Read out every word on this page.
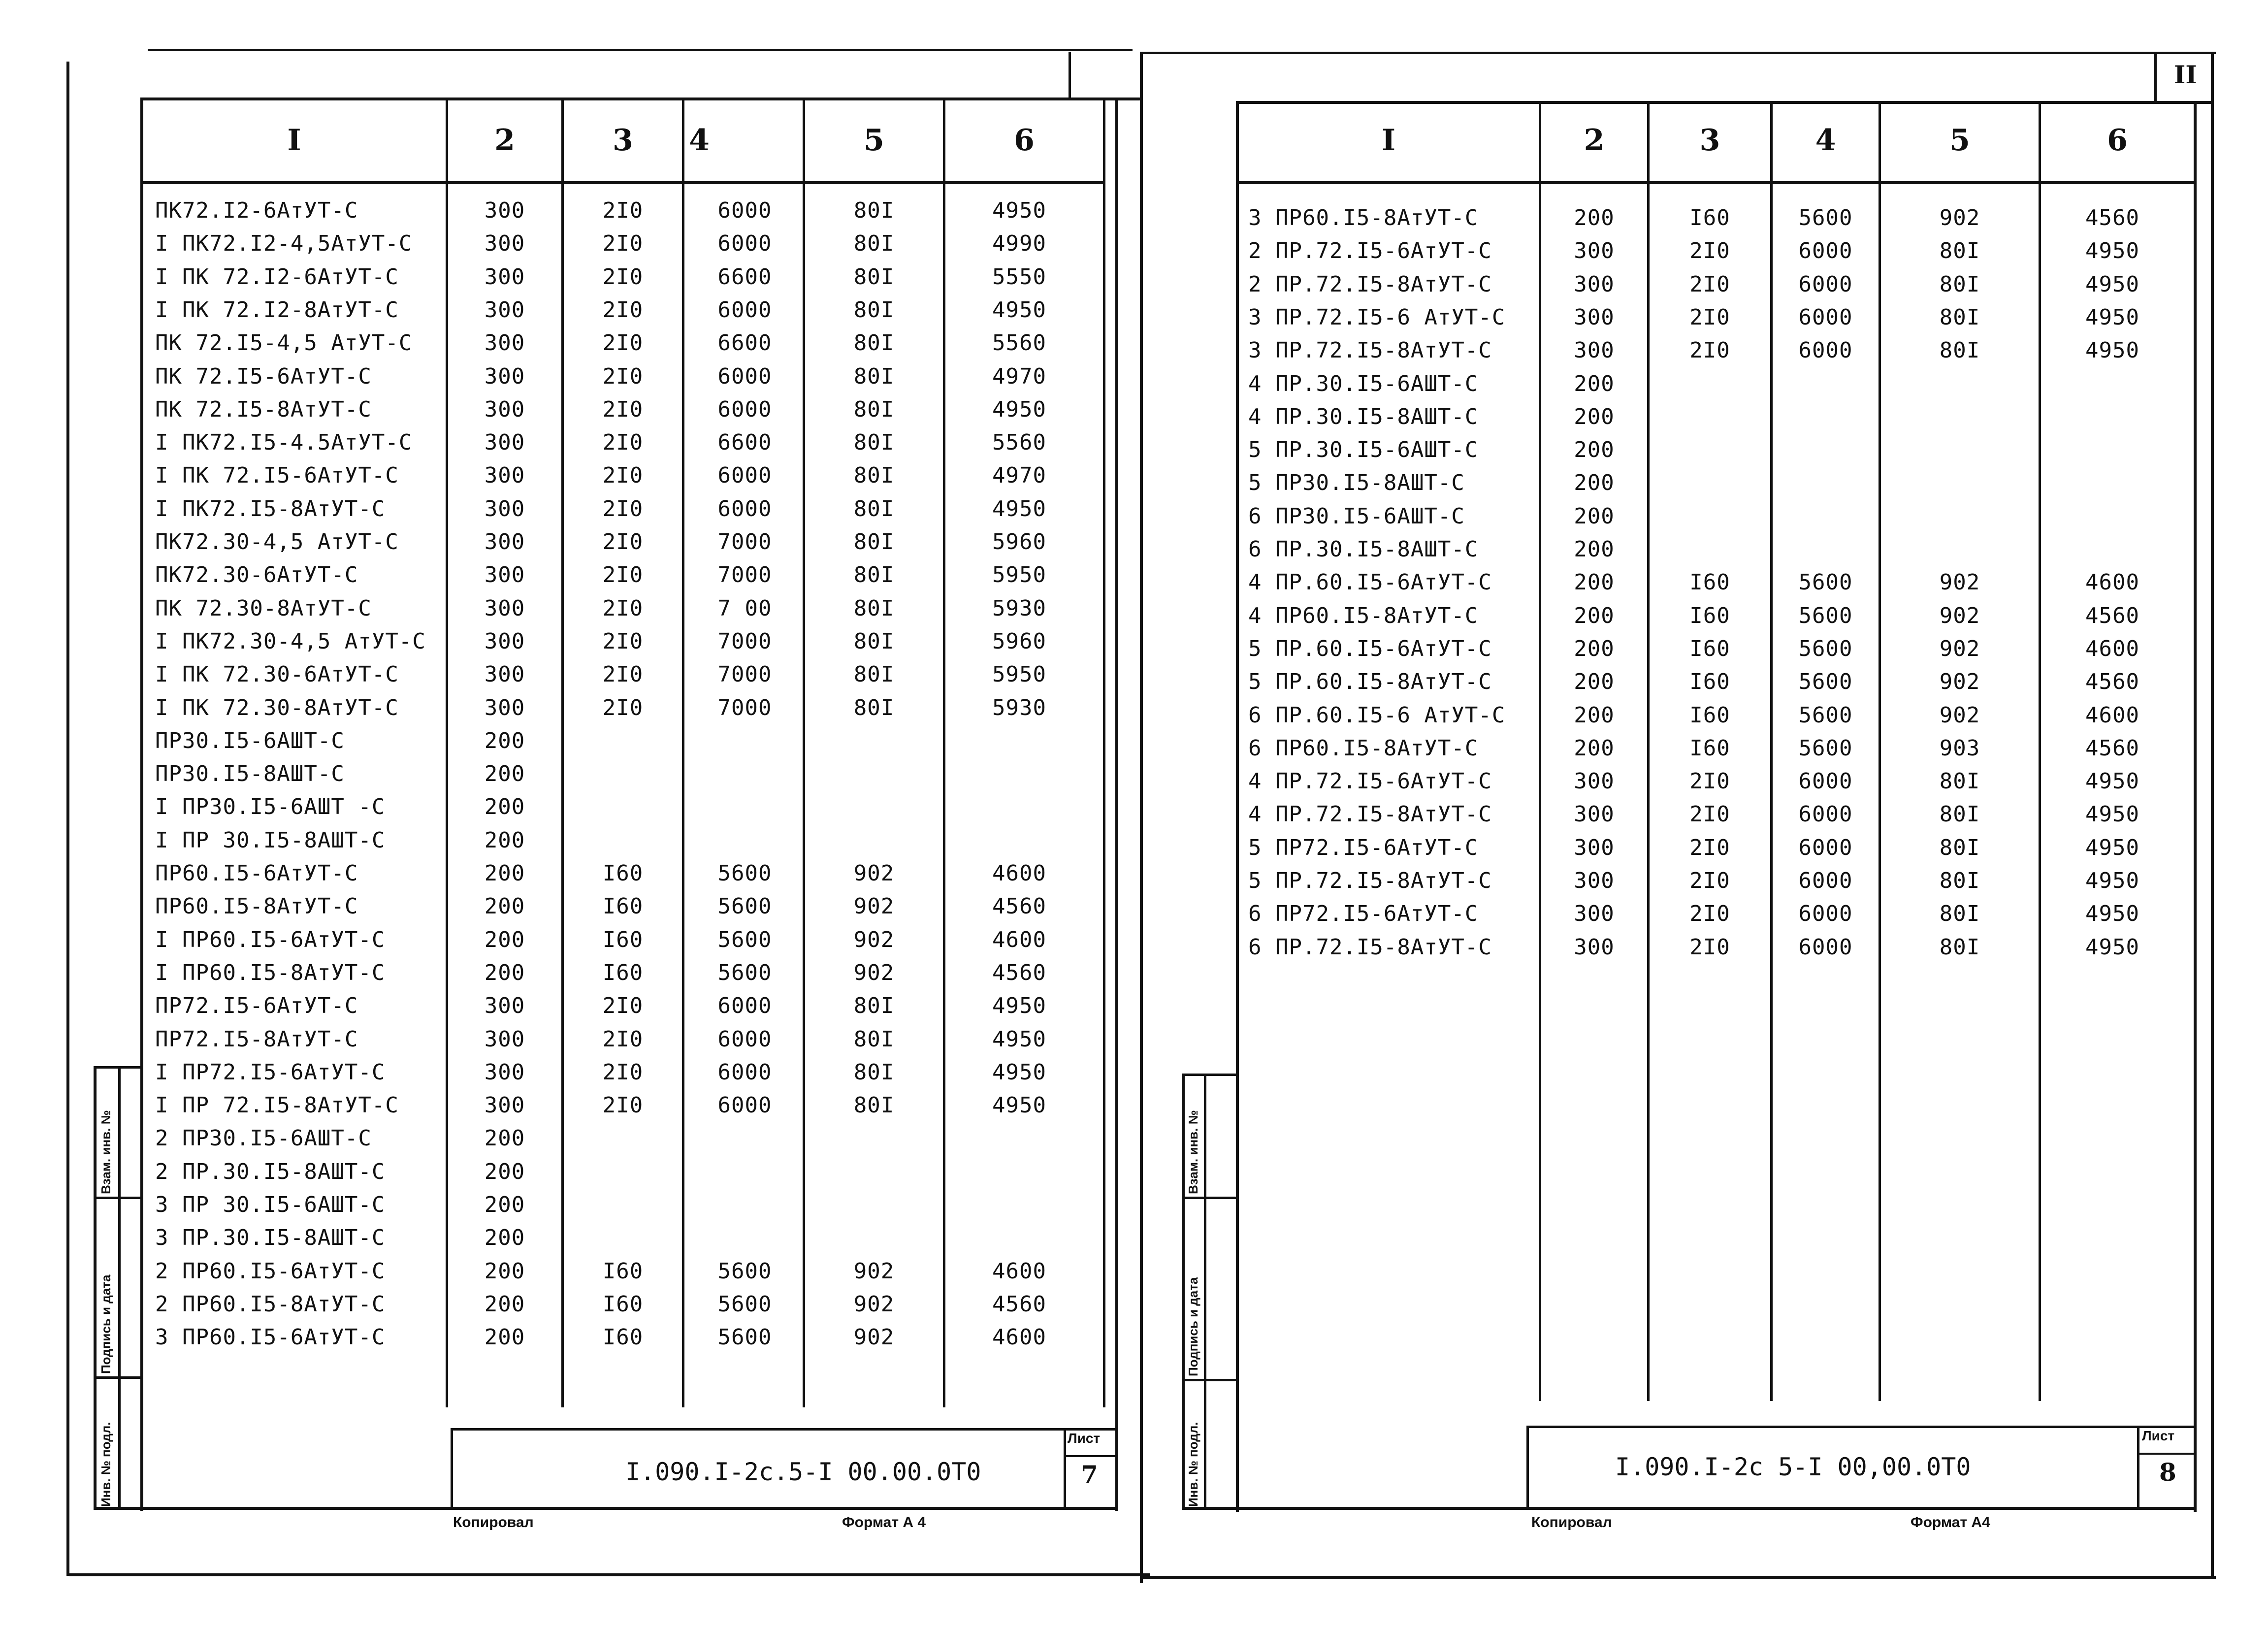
I	2	3	4	5	6
ПК72.I2-6АтУТ-С	300	2I0	6000	80I	4950
I ПК72.I2-4,5АтУТ-С	300	2I0	6000	80I	4990
I ПК 72.I2-6АтУТ-С	300	2I0	6600	80I	5550
I ПК 72.I2-8АтУТ-С	300	2I0	6000	80I	4950
ПК 72.I5-4,5 АтУТ-С	300	2I0	6600	80I	5560
ПК 72.I5-6АтУТ-С	300	2I0	6000	80I	4970
ПК 72.I5-8АтУТ-С	300	2I0	6000	80I	4950
I ПК72.I5-4.5АтУТ-С	300	2I0	6600	80I	5560
I ПК 72.I5-6АтУТ-С	300	2I0	6000	80I	4970
I ПК72.I5-8АтУТ-С	300	2I0	6000	80I	4950
ПК72.30-4,5 АтУТ-С	300	2I0	7000	80I	5960
ПК72.30-6АтУТ-С	300	2I0	7000	80I	5950
ПК 72.30-8АтУТ-С	300	2I0	7 00	80I	5930
I ПК72.30-4,5 АтУТ-С	300	2I0	7000	80I	5960
I ПК 72.30-6АтУТ-С	300	2I0	7000	80I	5950
I ПК 72.30-8АтУТ-С	300	2I0	7000	80I	5930
ПР30.I5-6АШТ-С	200
ПР30.I5-8АШТ-С	200
I ПР30.I5-6АШТ -С	200
I ПР 30.I5-8АШТ-С	200
ПР60.I5-6АтУТ-С	200	I60	5600	902	4600
ПР60.I5-8АтУТ-С	200	I60	5600	902	4560
I ПР60.I5-6АтУТ-С	200	I60	5600	902	4600
I ПР60.I5-8АтУТ-С	200	I60	5600	902	4560
ПР72.I5-6АтУТ-С	300	2I0	6000	80I	4950
ПР72.I5-8АтУТ-С	300	2I0	6000	80I	4950
I ПР72.I5-6АтУТ-С	300	2I0	6000	80I	4950
I ПР 72.I5-8АтУТ-С	300	2I0	6000	80I	4950
2 ПР30.I5-6АШТ-С	200
2 ПР.30.I5-8АШТ-С	200
3 ПР 30.I5-6АШТ-С	200
3 ПР.30.I5-8АШТ-С	200
2 ПР60.I5-6АтУТ-С	200	I60	5600	902	4600
2 ПР60.I5-8АтУТ-С	200	I60	5600	902	4560
3 ПР60.I5-6АтУТ-С	200	I60	5600	902	4600
I.090.I-2с.5-I 00.00.0Т0
Лист
7
Копировал	Формат А 4
Инв. № подл.
Подпись и дата
Взам. инв. №
II
I	2	3	4	5	6
3 ПР60.I5-8АтУТ-С	200	I60	5600	902	4560
2 ПР.72.I5-6АтУТ-С	300	2I0	6000	80I	4950
2 ПР.72.I5-8АтУТ-С	300	2I0	6000	80I	4950
3 ПР.72.I5-6 АтУТ-С	300	2I0	6000	80I	4950
3 ПР.72.I5-8АтУТ-С	300	2I0	6000	80I	4950
4 ПР.30.I5-6АШТ-С	200
4 ПР.30.I5-8АШТ-С	200
5 ПР.30.I5-6АШТ-С	200
5 ПР30.I5-8АШТ-С	200
6 ПР30.I5-6АШТ-С	200
6 ПР.30.I5-8АШТ-С	200
4 ПР.60.I5-6АтУТ-С	200	I60	5600	902	4600
4 ПР60.I5-8АтУТ-С	200	I60	5600	902	4560
5 ПР.60.I5-6АтУТ-С	200	I60	5600	902	4600
5 ПР.60.I5-8АтУТ-С	200	I60	5600	902	4560
6 ПР.60.I5-6 АтУТ-С	200	I60	5600	902	4600
6 ПР60.I5-8АтУТ-С	200	I60	5600	903	4560
4 ПР.72.I5-6АтУТ-С	300	2I0	6000	80I	4950
4 ПР.72.I5-8АтУТ-С	300	2I0	6000	80I	4950
5 ПР72.I5-6АтУТ-С	300	2I0	6000	80I	4950
5 ПР.72.I5-8АтУТ-С	300	2I0	6000	80I	4950
6 ПР72.I5-6АтУТ-С	300	2I0	6000	80I	4950
6 ПР.72.I5-8АтУТ-С	300	2I0	6000	80I	4950
I.090.I-2с 5-I 00,00.0Т0
Лист
8
Копировал	Формат А4
Инв. № подл.
Подпись и дата
Взам. инв. №
